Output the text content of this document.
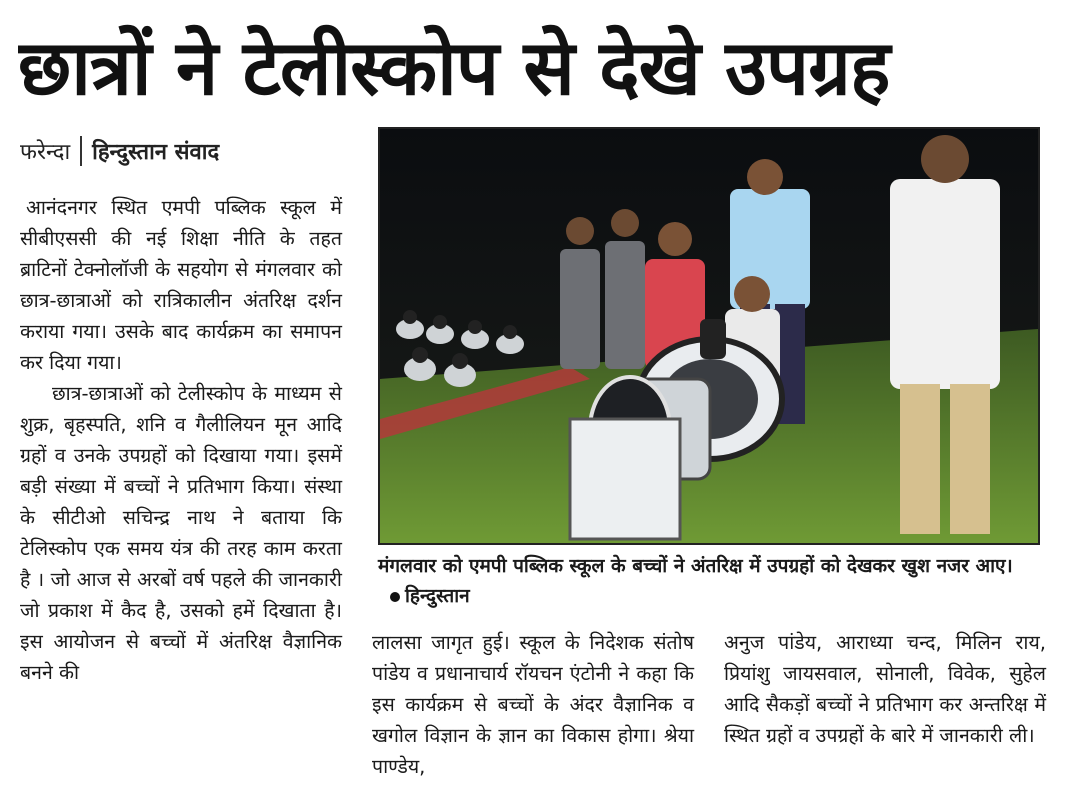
छात्रों ने टेलीस्कोप से देखे उपग्रह
फरेन्दा हिन्दुस्तान संवाद

आनंदनगर स्थित एमपी पब्लिक स्कूल में सीबीएससी की नई शिक्षा नीति के तहत ब्राटिनों टेक्नोलॉजी के सहयोग से मंगलवार को छात्र-छात्राओं को रात्रिकालीन अंतरिक्ष दर्शन कराया गया। उसके बाद कार्यक्रम का समापन कर दिया गया।

छात्र-छात्राओं को टेलीस्कोप के माध्यम से शुक्र, बृहस्पति, शनि व गैलीलियन मून आदि ग्रहों व उनके उपग्रहों को दिखाया गया। इसमें बड़ी संख्या में बच्चों ने प्रतिभाग किया। संस्था के सीटीओ सचिन्द्र नाथ ने बताया कि टेलिस्कोप एक समय यंत्र की तरह काम करता है । जो आज से अरबों वर्ष पहले की जानकारी जो प्रकाश में कैद है, उसको हमें दिखाता है। इस आयोजन से बच्चों में अंतरिक्ष वैज्ञानिक बनने की

मंगलवार को एमपी पब्लिक स्कूल के बच्चों ने अंतरिक्ष में उपग्रहों को देखकर खुश नजर आए। हिन्दुस्तान

लालसा जागृत हुई। स्कूल के निदेशक संतोष पांडेय व प्रधानाचार्य रॉयचन एंटोनी ने कहा कि इस कार्यक्रम से बच्चों के अंदर वैज्ञानिक व खगोल विज्ञान के ज्ञान का विकास होगा। श्रेया पाण्डेय,

अनुज पांडेय, आराध्या चन्द, मिलिन राय, प्रियांशु जायसवाल, सोनाली, विवेक, सुहेल आदि सैकड़ों बच्चों ने प्रतिभाग कर अन्तरिक्ष में स्थित ग्रहों व उपग्रहों के बारे में जानकारी ली।
